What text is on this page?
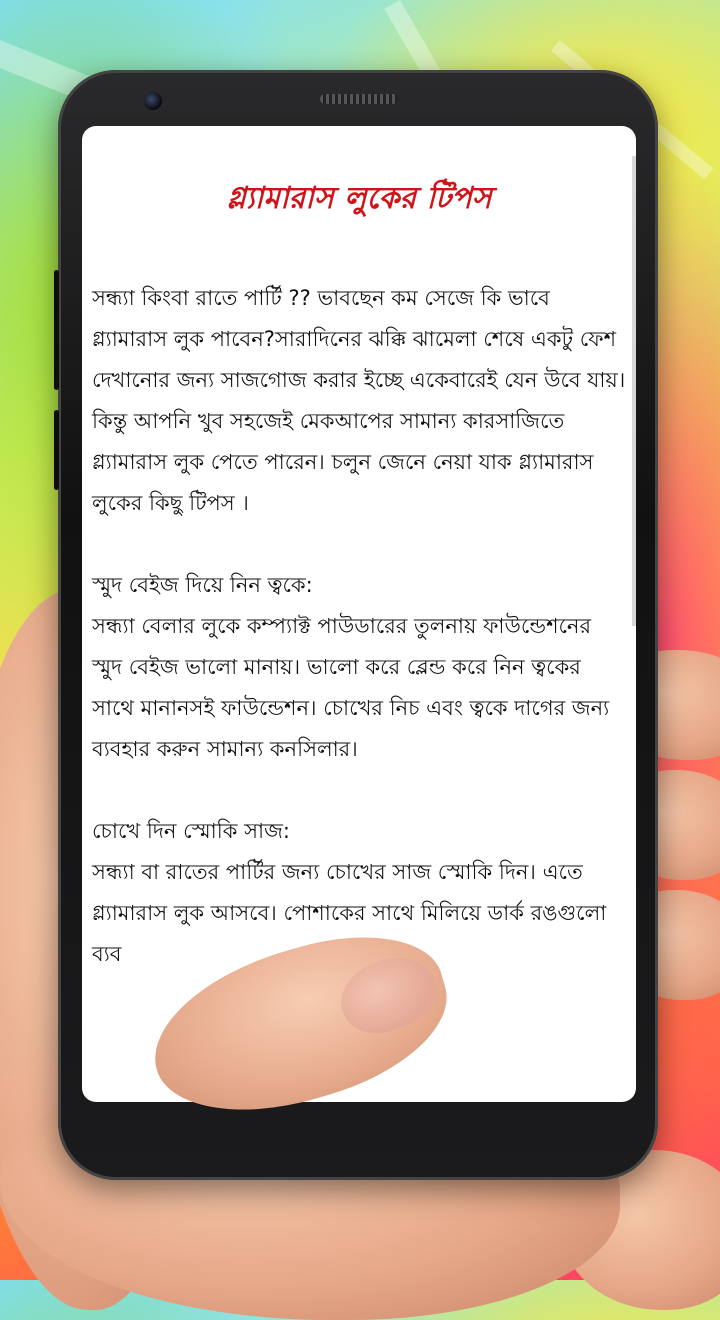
গ্ল্যামারাস লুকের টিপস

সন্ধ্যা কিংবা রাতে পার্টি ?? ভাবছেন কম সেজে কি ভাবে গ্ল্যামারাস লুক পাবেন?সারাদিনের ঝক্কি ঝামেলা শেষে একটু ফেশ দেখানোর জন্য সাজগোজ করার ইচ্ছে একেবারেই যেন উবে যায়।কিন্তু আপনি খুব সহজেই মেকআপের সামান্য কারসাজিতে গ্ল্যামারাস লুক পেতে পারেন। চলুন জেনে নেয়া যাক গ্ল্যামারাস লুকের কিছু টিপস ।

স্মুদ বেইজ দিয়ে নিন ত্বকে:

সন্ধ্যা বেলার লুকে কম্প্যাক্ট পাউডারের তুলনায় ফাউন্ডেশনের স্মুদ বেইজ ভালো মানায়। ভালো করে ব্লেন্ড করে নিন ত্বকের সাথে মানানসই ফাউন্ডেশন। চোখের নিচ এবং ত্বকে দাগের জন্য ব্যবহার করুন সামান্য কনসিলার।

চোখে দিন স্মোকি সাজ:

সন্ধ্যা বা রাতের পার্টির জন্য চোখের সাজ স্মোকি দিন। এতে গ্ল্যামারাস লুক আসবে। পোশাকের সাথে মিলিয়ে ডার্ক রঙগুলো ব্যব
